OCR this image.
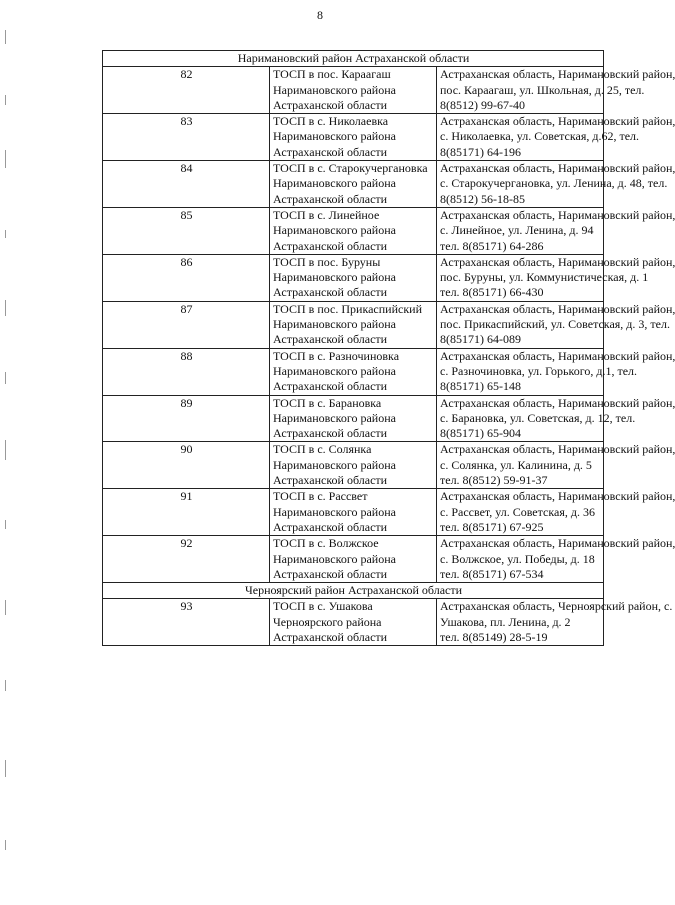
8
Наримановский район Астраханской области		
82	ТОСП в пос. Караагаш
Наримановского района
Астраханской области	Астраханская область, Наримановский район,
пос. Караагаш, ул. Школьная, д. 25, тел.
8(8512) 99-67-40

83	ТОСП в с. Николаевка
Наримановского района
Астраханской области	Астраханская область, Наримановский район,
с. Николаевка, ул. Советская, д.62, тел.
8(85171) 64-196

84	ТОСП в с. Старокучергановка
Наримановского района
Астраханской области	Астраханская область, Наримановский район,
с. Старокучергановка, ул. Ленина, д. 48, тел.
8(8512) 56-18-85

85	ТОСП в с. Линейное
Наримановского района
Астраханской области	Астраханская область, Наримановский район,
с. Линейное, ул. Ленина, д. 94
тел. 8(85171) 64-286

86	ТОСП в пос. Буруны
Наримановского района
Астраханской области	Астраханская область, Наримановский район,
пос. Буруны, ул. Коммунистическая, д. 1
тел. 8(85171) 66-430

87	ТОСП в пос. Прикаспийский
Наримановского района
Астраханской области	Астраханская область, Наримановский район,
пос. Прикаспийский, ул. Советская, д. 3, тел.
8(85171) 64-089

88	ТОСП в с. Разночиновка
Наримановского района
Астраханской области	Астраханская область, Наримановский район,
с. Разночиновка, ул. Горького, д.1, тел.
8(85171) 65-148

89	ТОСП в с. Барановка
Наримановского района
Астраханской области	Астраханская область, Наримановский район,
с. Барановка, ул. Советская, д. 12, тел.
8(85171) 65-904

90	ТОСП в с. Солянка
Наримановского района
Астраханской области	Астраханская область, Наримановский район,
с. Солянка, ул. Калинина, д. 5
тел. 8(8512) 59-91-37

91	ТОСП в с. Рассвет
Наримановского района
Астраханской области	Астраханская область, Наримановский район,
с. Рассвет, ул. Советская, д. 36
тел. 8(85171) 67-925

92	ТОСП в с. Волжское
Наримановского района
Астраханской области	Астраханская область, Наримановский район,
с. Волжское, ул. Победы, д. 18
тел. 8(85171) 67-534

Черноярский район Астраханской области		
93	ТОСП в с. Ушакова
Черноярского района
Астраханской области	Астраханская область, Черноярский район, с.
Ушакова, пл. Ленина, д. 2
тел. 8(85149) 28-5-19
